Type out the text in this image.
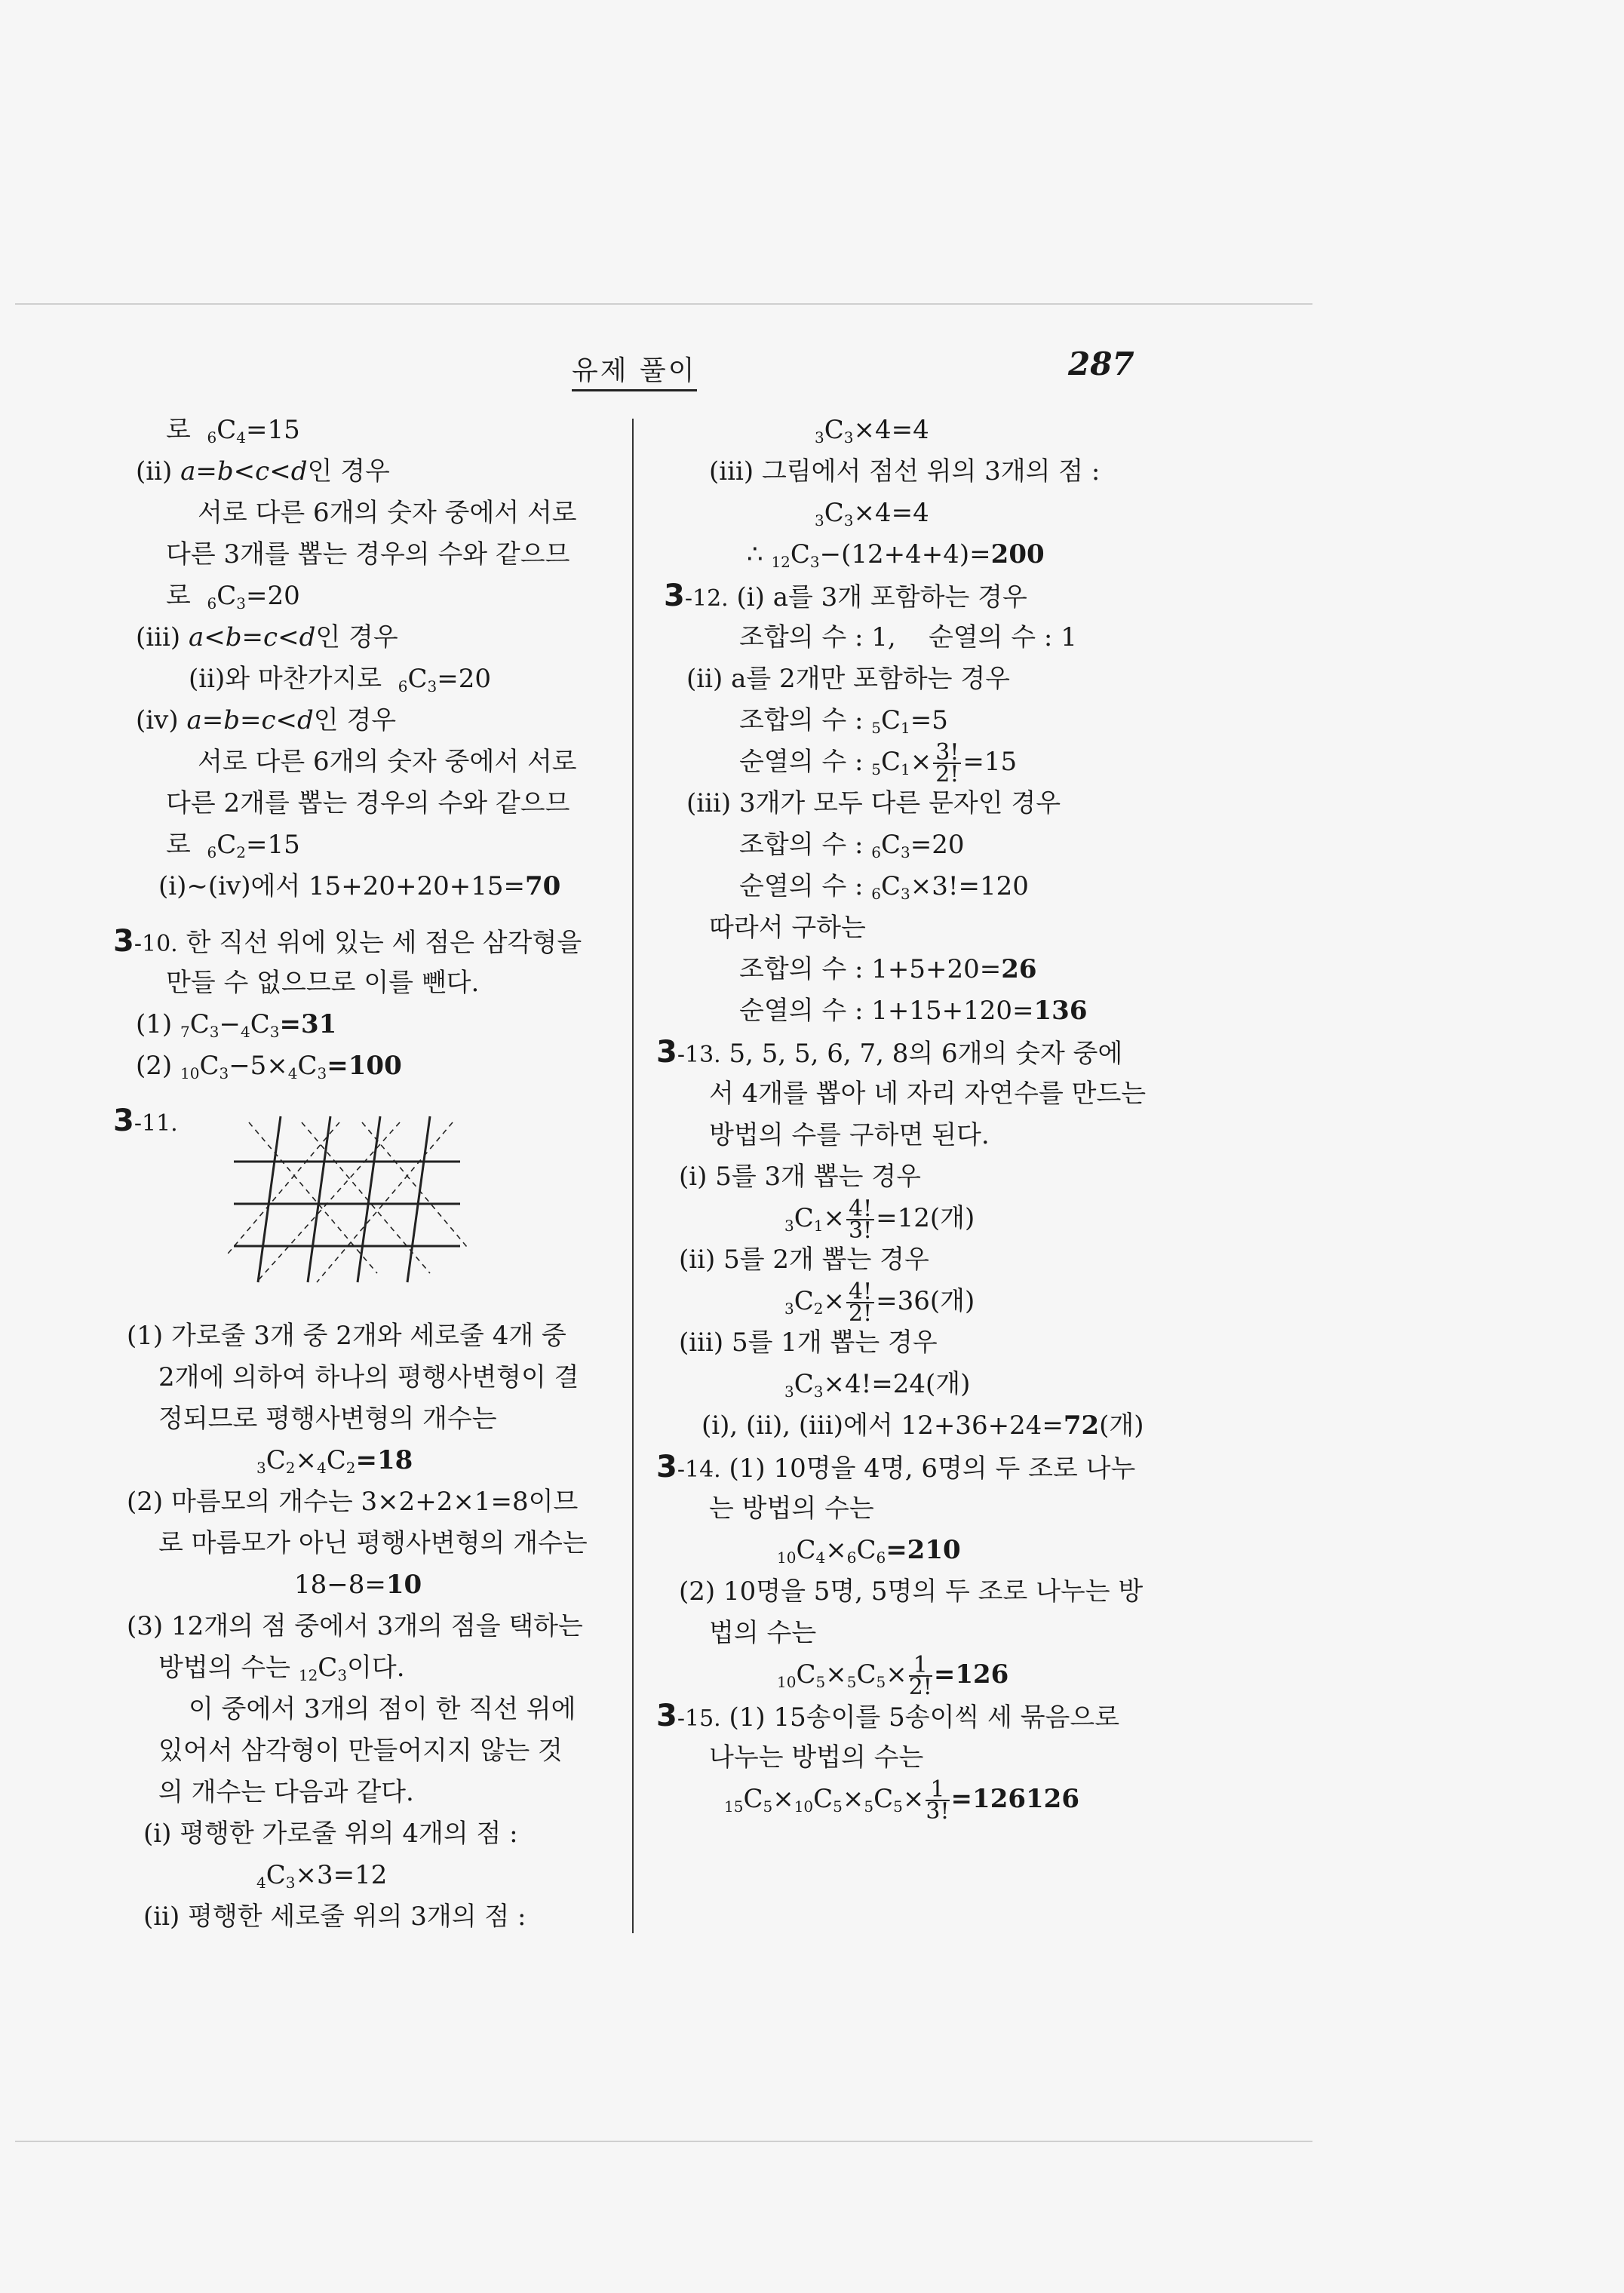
유제 풀이	287
로 $_6C_4=15$
(ii) a=b<c<d인 경우
서로 다른 6개의 숫자 중에서 서로
다른 3개를 뽑는 경우의 수와 같으므
로 $_6C_3=20$
(iii) a<b=c<d인 경우
(ii)와 마찬가지로 $_6C_3=20$
(iv) a=b=c<d인 경우
서로 다른 6개의 숫자 중에서 서로
다른 2개를 뽑는 경우의 수와 같으므
로 $_6C_2=15$
(i)~(iv)에서 15+20+20+15=70
3-10. 한 직선 위에 있는 세 점은 삼각형을
만들 수 없으므로 이를 뺀다.
(1) $_7C_3-_4C_3=31$
(2) $_{10}C_3-5\times_4C_3=100$
3-11.
(1) 가로줄 3개 중 2개와 세로줄 4개 중
2개에 의하여 하나의 평행사변형이 결
정되므로 평행사변형의 개수는
$_3C_2\times_4C_2=18$
(2) 마름모의 개수는 3×2+2×1=8이므
로 마름모가 아닌 평행사변형의 개수는
18−8=10
(3) 12개의 점 중에서 3개의 점을 택하는
방법의 수는 $_{12}C_3$이다.
이 중에서 3개의 점이 한 직선 위에
있어서 삼각형이 만들어지지 않는 것
의 개수는 다음과 같다.
(i) 평행한 가로줄 위의 4개의 점 :
$_4C_3\times 3=12$
(ii) 평행한 세로줄 위의 3개의 점 :
$_3C_3\times 4=4$
(iii) 그림에서 점선 위의 3개의 점 :
$_3C_3\times 4=4$
∴ $_{12}C_3-(12+4+4)=200$
3-12. (i) a를 3개 포함하는 경우
조합의 수 : 1, 순열의 수 : 1
(ii) a를 2개만 포함하는 경우
조합의 수 : $_5C_1=5$
순열의 수 : $_5C_1\times \frac{3!}{2!} =15$
(iii) 3개가 모두 다른 문자인 경우
조합의 수 : $_6C_3=20$
순열의 수 : $_6C_3\times 3!=120$
따라서 구하는
조합의 수 : 1+5+20=26
순열의 수 : 1+15+120=136
3-13. 5, 5, 5, 6, 7, 8의 6개의 숫자 중에
서 4개를 뽑아 네 자리 자연수를 만드는
방법의 수를 구하면 된다.
(i) 5를 3개 뽑는 경우
$_3C_1\times \frac{4!}{3!} =12$(개)
(ii) 5를 2개 뽑는 경우
$_3C_2\times \frac{4!}{2!} =36$(개)
(iii) 5를 1개 뽑는 경우
$_3C_3\times 4!=24$(개)
(i), (ii), (iii)에서 12+36+24=72(개)
3-14. (1) 10명을 4명, 6명의 두 조로 나누
는 방법의 수는
$_{10}C_4\times_6C_6=210$
(2) 10명을 5명, 5명의 두 조로 나누는 방
법의 수는
$_{10}C_5\times_5C_5\times \frac{1}{2!} =126$
3-15. (1) 15송이를 5송이씩 세 묶음으로
나누는 방법의 수는
$_{15}C_5\times_{10}C_5\times_5C_5\times \frac{1}{3!} =126126$
